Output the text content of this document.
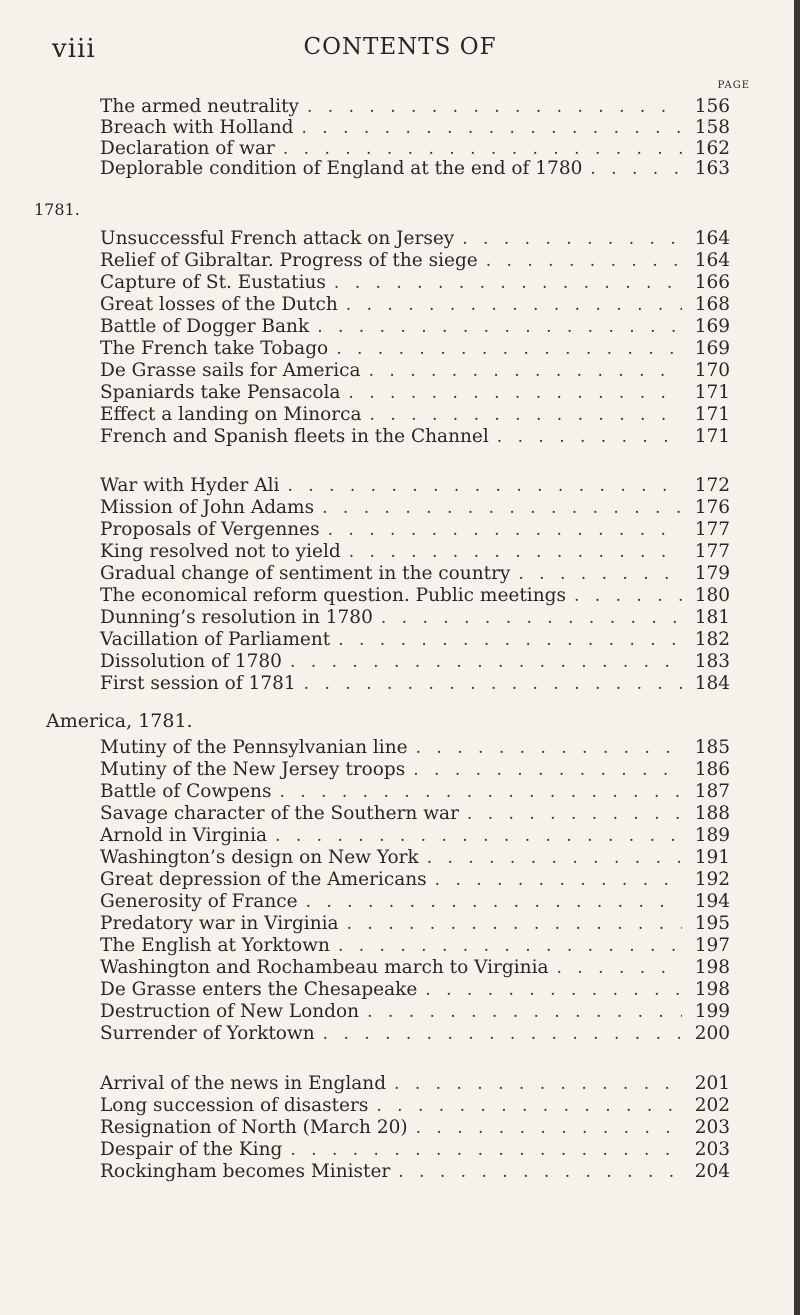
viii	CONTENTS OF
PAGE
The armed neutrality . . .	156
Breach with Holland . . .	158
Declaration of war . . .	162
Deplorable condition of England at the end of 1780 . . .	163
1781.
Unsuccessful French attack on Jersey . . .	164
Relief of Gibraltar. Progress of the siege . . .	164
Capture of St. Eustatius . . .	166
Great losses of the Dutch . . .	168
Battle of Dogger Bank . . .	169
The French take Tobago . . .	169
De Grasse sails for America . . .	170
Spaniards take Pensacola . . .	171
Effect a landing on Minorca . . .	171
French and Spanish fleets in the Channel . . .	171
War with Hyder Ali . . .	172
Mission of John Adams . . .	176
Proposals of Vergennes . . .	177
King resolved not to yield . . .	177
Gradual change of sentiment in the country . . .	179
The economical reform question. Public meetings . . .	180
Dunning’s resolution in 1780 . . .	181
Vacillation of Parliament . . .	182
Dissolution of 1780 . . .	183
First session of 1781 . . .	184
America, 1781.
Mutiny of the Pennsylvanian line . . .	185
Mutiny of the New Jersey troops . . .	186
Battle of Cowpens . . .	187
Savage character of the Southern war . . .	188
Arnold in Virginia . . .	189
Washington’s design on New York . . .	191
Great depression of the Americans . . .	192
Generosity of France . . .	194
Predatory war in Virginia . . .	195
The English at Yorktown . . .	197
Washington and Rochambeau march to Virginia . . .	198
De Grasse enters the Chesapeake . . .	198
Destruction of New London . . .	199
Surrender of Yorktown . . .	200
Arrival of the news in England . . .	201
Long succession of disasters . . .	202
Resignation of North (March 20) . . .	203
Despair of the King . . .	203
Rockingham becomes Minister . . .	204
